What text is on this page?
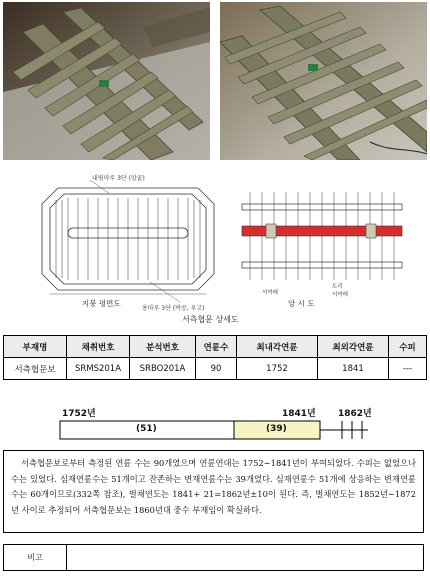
내림마루 3단 (암골)
용마루 3단 (박공, 우고)
서까래
도리
서까래
지붕 평면도	앙 시 도
서측협문 상세도
부재명	채취번호	분석번호	연륜수	최내각연륜	최외각연륜	수피
서측협문보	SRMS201A	SRBO201A	90	1752	1841	---
1752년	1841년 1862년
(51)	(39)
서측협문보로부터 측정된 연륜 수는 90개였으며 연륜연대는 1752∼1841년이 부여되었다. 수피는 없었으나 수는 있었다. 심재연륜수는 51개이고 잔존하는 변재연륜수는 39개였다. 심재연륜수 51개에 상응하는 변재연륜수는 60개이므로(332쪽 참조), 벌채연도는 1841+ 21=1862년±10이 된다. 즉, 벌채연도는 1852년∼1872년 사이로 추정되어 서측협문보는 1860년대 중수 부재임이 확실하다.
비고
